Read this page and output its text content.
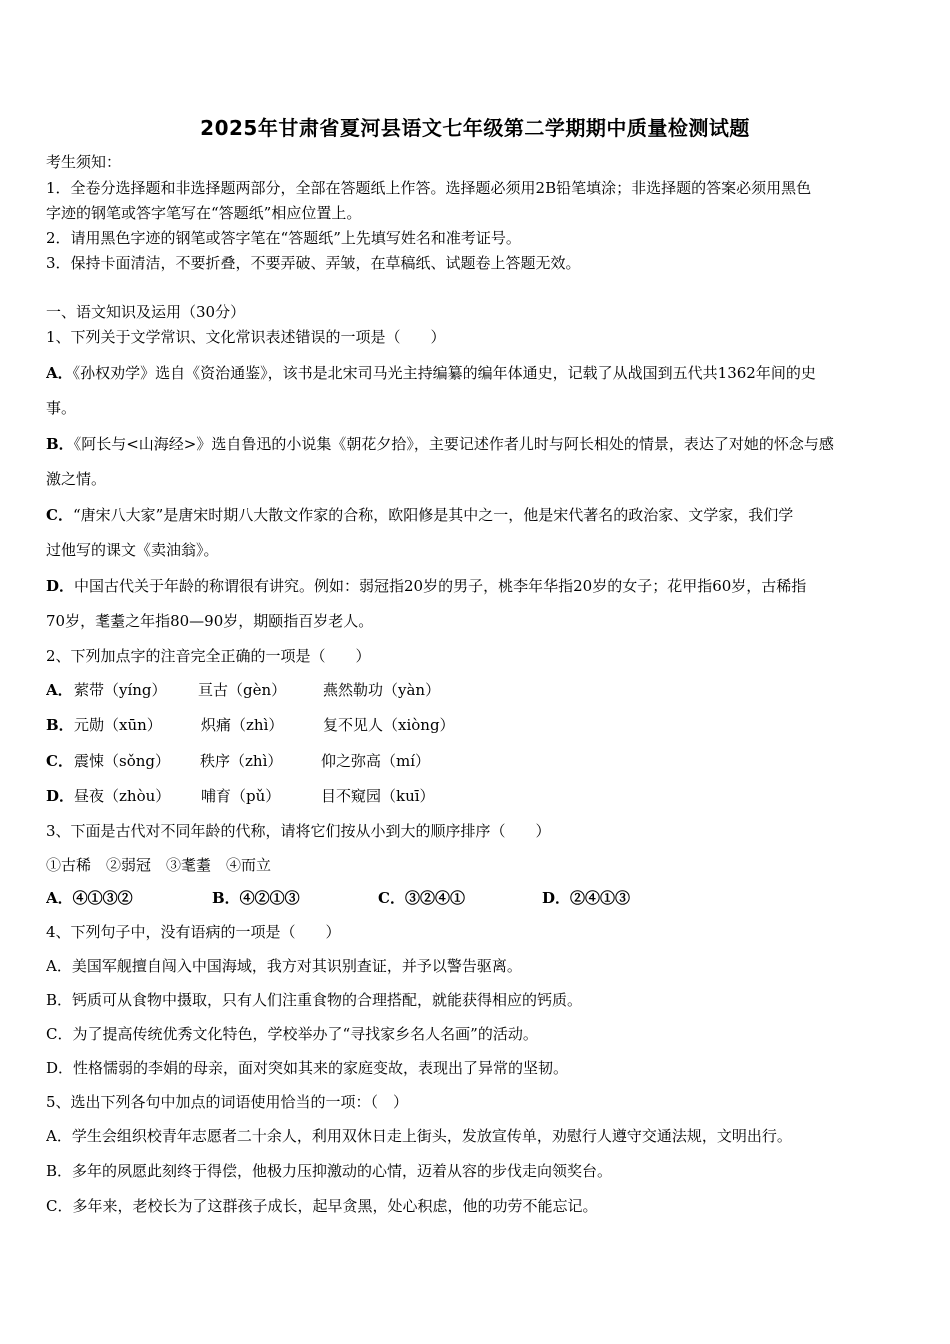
2025年甘肃省夏河县语文七年级第二学期期中质量检测试题
考生须知：
1．全卷分选择题和非选择题两部分，全部在答题纸上作答。选择题必须用2B铅笔填涂；非选择题的答案必须用黑色
字迹的钢笔或答字笔写在“答题纸”相应位置上。
2．请用黑色字迹的钢笔或答字笔在“答题纸”上先填写姓名和准考证号。
3．保持卡面清洁，不要折叠，不要弄破、弄皱，在草稿纸、试题卷上答题无效。
一、语文知识及运用（30分）
1、下列关于文学常识、文化常识表述错误的一项是（　　）
A．《孙权劝学》选自《资治通鉴》，该书是北宋司马光主持编纂的编年体通史，记载了从战国到五代共1362年间的史
事。
B．《阿长与<山海经>》选自鲁迅的小说集《朝花夕拾》，主要记述作者儿时与阿长相处的情景，表达了对她的怀念与感
激之情。
C．“唐宋八大家”是唐宋时期八大散文作家的合称，欧阳修是其中之一，他是宋代著名的政治家、文学家，我们学
过他写的课文《卖油翁》。
D．中国古代关于年龄的称谓很有讲究。例如：弱冠指20岁的男子，桃李年华指20岁的女子；花甲指60岁，古稀指
70岁，耄耋之年指80—90岁，期颐指百岁老人。
2、下列加点字的注音完全正确的一项是（　　）
A．萦带（yíng） 亘古（gèn） 燕然勒功（yàn）
B．元勋（xūn）	炽痛（zhì）	复不见人（xiòng）
C．震悚（sǒng） 秩序（zhì）	仰之弥高（mí）
D．昼夜（zhòu） 哺育（pǔ）	目不窥园（kuī）
3、下面是古代对不同年龄的代称，请将它们按从小到大的顺序排序（　　）
①古稀　②弱冠　③耄耋　④而立
A．④①③②	B．④②①③	C．③②④①	D．②④①③
4、下列句子中，没有语病的一项是（　　）
A．美国军舰擅自闯入中国海域，我方对其识别查证，并予以警告驱离。
B．钙质可从食物中摄取，只有人们注重食物的合理搭配，就能获得相应的钙质。
C．为了提高传统优秀文化特色，学校举办了“寻找家乡名人名画”的活动。
D．性格懦弱的李娟的母亲，面对突如其来的家庭变故，表现出了异常的坚韧。
5、选出下列各句中加点的词语使用恰当的一项：（　）
A．学生会组织校青年志愿者二十余人，利用双休日走上街头，发放宣传单，劝慰行人遵守交通法规，文明出行。
B．多年的夙愿此刻终于得偿，他极力压抑激动的心情，迈着从容的步伐走向领奖台。
C．多年来，老校长为了这群孩子成长，起早贪黑，处心积虑，他的功劳不能忘记。
